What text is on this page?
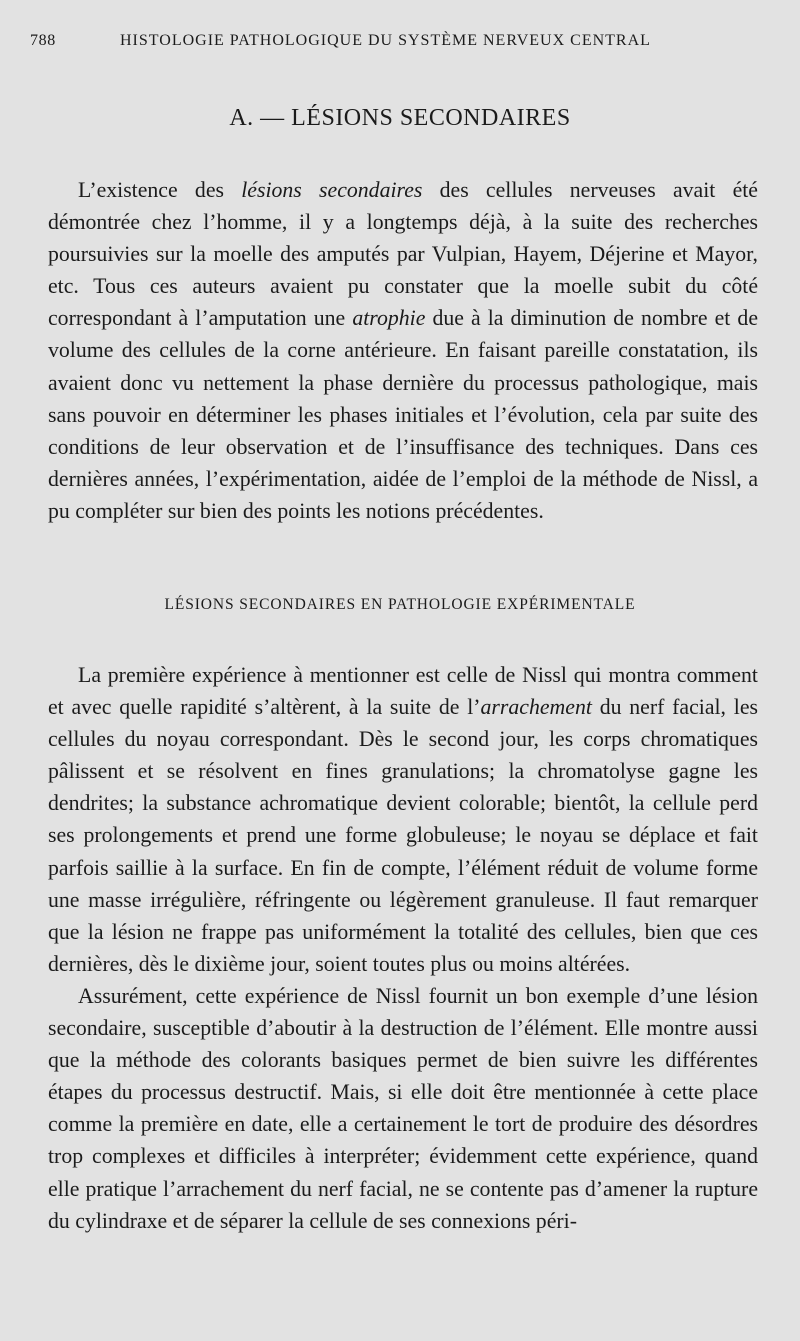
788	HISTOLOGIE PATHOLOGIQUE DU SYSTÈME NERVEUX CENTRAL
A. — LÉSIONS SECONDAIRES

L’existence des lésions secondaires des cellules nerveuses avait été démontrée chez l’homme, il y a longtemps déjà, à la suite des recherches poursuivies sur la moelle des amputés par Vulpian, Hayem, Déjerine et Mayor, etc. Tous ces auteurs avaient pu constater que la moelle subit du côté correspondant à l’amputation une atrophie due à la diminution de nombre et de volume des cellules de la corne antérieure. En faisant pareille constatation, ils avaient donc vu nettement la phase dernière du processus pathologique, mais sans pouvoir en déterminer les phases initiales et l’évolution, cela par suite des conditions de leur observation et de l’insuffisance des techniques. Dans ces dernières années, l’expérimentation, aidée de l’emploi de la méthode de Nissl, a pu compléter sur bien des points les notions précédentes.

LÉSIONS SECONDAIRES EN PATHOLOGIE EXPÉRIMENTALE

La première expérience à mentionner est celle de Nissl qui montra comment et avec quelle rapidité s’altèrent, à la suite de l’arrachement du nerf facial, les cellules du noyau correspondant. Dès le second jour, les corps chromatiques pâlissent et se résolvent en fines granulations; la chromatolyse gagne les dendrites; la substance achromatique devient colorable; bientôt, la cellule perd ses prolongements et prend une forme globuleuse; le noyau se déplace et fait parfois saillie à la surface. En fin de compte, l’élément réduit de volume forme une masse irrégulière, réfringente ou légèrement granuleuse. Il faut remarquer que la lésion ne frappe pas uniformément la totalité des cellules, bien que ces dernières, dès le dixième jour, soient toutes plus ou moins altérées.

Assurément, cette expérience de Nissl fournit un bon exemple d’une lésion secondaire, susceptible d’aboutir à la destruction de l’élément. Elle montre aussi que la méthode des colorants basiques permet de bien suivre les différentes étapes du processus destructif. Mais, si elle doit être mentionnée à cette place comme la première en date, elle a certainement le tort de produire des désordres trop complexes et difficiles à interpréter; évidemment cette expérience, quand elle pratique l’arrachement du nerf facial, ne se contente pas d’amener la rupture du cylindraxe et de séparer la cellule de ses connexions péri-
